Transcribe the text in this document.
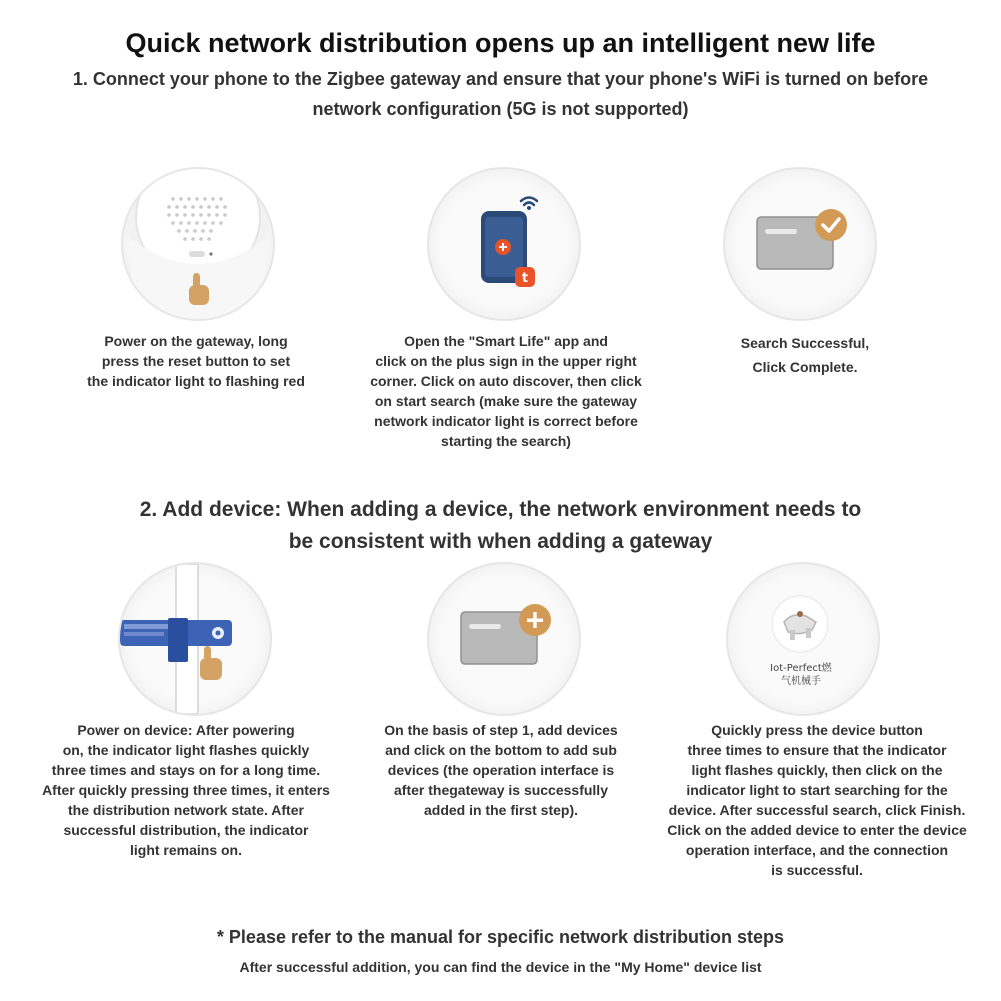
Quick network distribution opens up an intelligent new life
1. Connect your phone to the Zigbee gateway and ensure that your phone's WiFi is turned on before
network configuration (5G is not supported)
t
Power on the gateway, long
press the reset button to set
the indicator light to flashing red
Open the "Smart Life" app and
click on the plus sign in the upper right
corner. Click on auto discover, then click
on start search (make sure the gateway
network indicator light is correct before
starting the search)
Search Successful,
Click Complete.
2. Add device: When adding a device, the network environment needs to
be consistent with when adding a gateway
Iot-Perfect燃
气机械手
Power on device: After powering
on, the indicator light flashes quickly
three times and stays on for a long time.
After quickly pressing three times, it enters
the distribution network state. After
successful distribution, the indicator
light remains on.
On the basis of step 1, add devices
and click on the bottom to add sub
devices (the operation interface is
after thegateway is successfully
added in the first step).
Quickly press the device button
three times to ensure that the indicator
light flashes quickly, then click on the
indicator light to start searching for the
device. After successful search, click Finish.
Click on the added device to enter the device
operation interface, and the connection
is successful.
* Please refer to the manual for specific network distribution steps
After successful addition, you can find the device in the "My Home" device list
